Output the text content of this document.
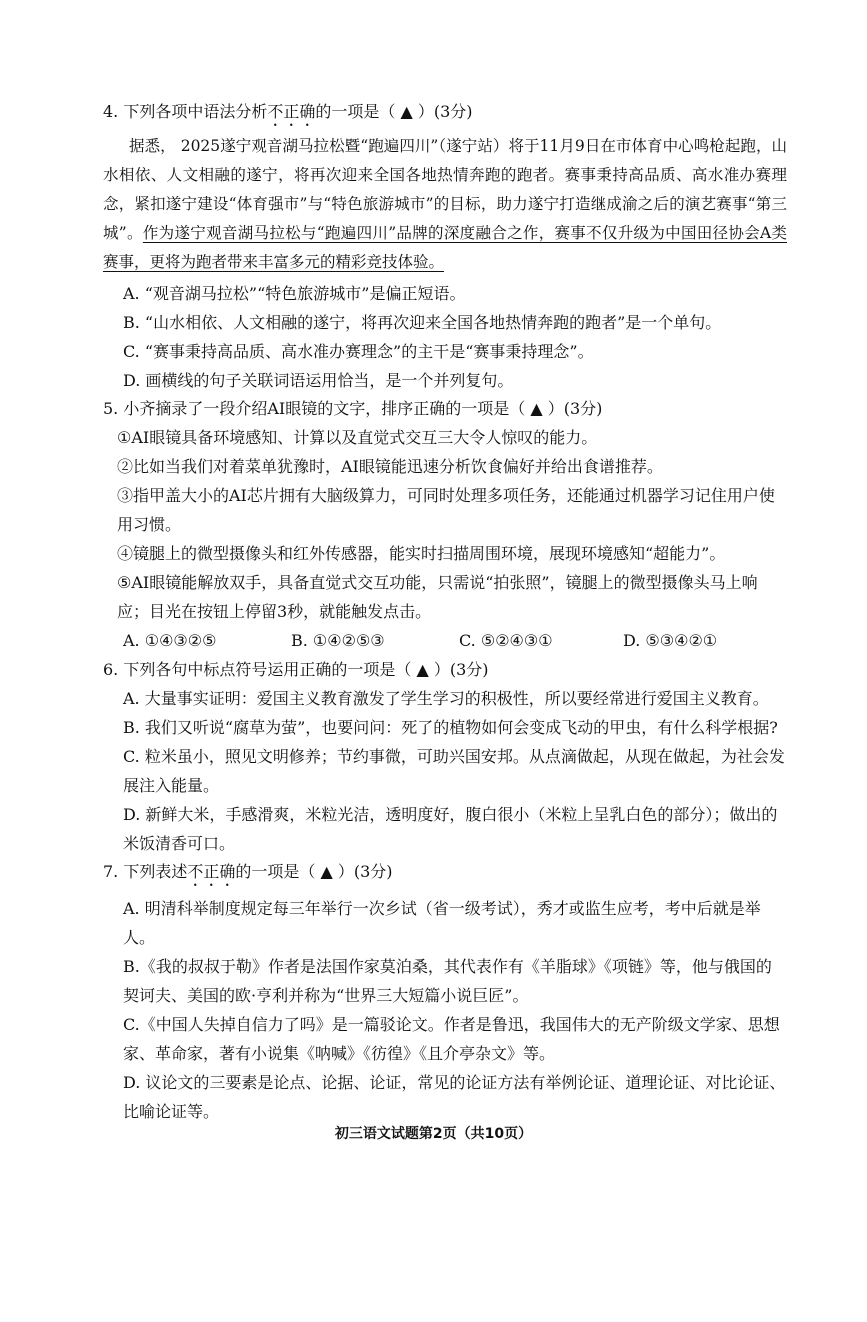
4. 下列各项中语法分析不正确的一项是（ ▲ ）(3分)

据悉， 2025遂宁观音湖马拉松暨“跑遍四川”（遂宁站）将于11月9日在市体育中心鸣枪起跑，山水相依、人文相融的遂宁，将再次迎来全国各地热情奔跑的跑者。赛事秉持高品质、高水准办赛理念，紧扣遂宁建设“体育强市”与“特色旅游城市”的目标，助力遂宁打造继成渝之后的演艺赛事“第三城”。作为遂宁观音湖马拉松与“跑遍四川”品牌的深度融合之作，赛事不仅升级为中国田径协会A类赛事，更将为跑者带来丰富多元的精彩竞技体验。

A. “观音湖马拉松”“特色旅游城市”是偏正短语。

B. “山水相依、人文相融的遂宁，将再次迎来全国各地热情奔跑的跑者”是一个单句。

C. “赛事秉持高品质、高水准办赛理念”的主干是“赛事秉持理念”。

D. 画横线的句子关联词语运用恰当，是一个并列复句。

5. 小齐摘录了一段介绍AI眼镜的文字，排序正确的一项是（ ▲ ）(3分)

①AI眼镜具备环境感知、计算以及直觉式交互三大令人惊叹的能力。

②比如当我们对着菜单犹豫时，AI眼镜能迅速分析饮食偏好并给出食谱推荐。

③指甲盖大小的AI芯片拥有大脑级算力，可同时处理多项任务，还能通过机器学习记住用户使用习惯。

④镜腿上的微型摄像头和红外传感器，能实时扫描周围环境，展现环境感知“超能力”。

⑤AI眼镜能解放双手，具备直觉式交互功能，只需说“拍张照”，镜腿上的微型摄像头马上响应；目光在按钮上停留3秒，就能触发点击。

A. ①④③②⑤	B. ①④②⑤③	C. ⑤②④③①	D. ⑤③④②①

6. 下列各句中标点符号运用正确的一项是（ ▲ ）(3分)

A. 大量事实证明：爱国主义教育激发了学生学习的积极性，所以要经常进行爱国主义教育。

B. 我们又听说“腐草为萤”，也要问问：死了的植物如何会变成飞动的甲虫，有什么科学根据?

C. 粒米虽小，照见文明修养；节约事微，可助兴国安邦。从点滴做起，从现在做起，为社会发展注入能量。

D. 新鲜大米，手感滑爽，米粒光洁，透明度好，腹白很小（米粒上呈乳白色的部分）；做出的米饭清香可口。

7. 下列表述不正确的一项是（ ▲ ）(3分)

A. 明清科举制度规定每三年举行一次乡试（省一级考试），秀才或监生应考，考中后就是举人。

B.《我的叔叔于勒》作者是法国作家莫泊桑，其代表作有《羊脂球》《项链》等，他与俄国的契诃夫、美国的欧·亨利并称为“世界三大短篇小说巨匠”。

C.《中国人失掉自信力了吗》是一篇驳论文。作者是鲁迅，我国伟大的无产阶级文学家、思想家、革命家，著有小说集《呐喊》《彷徨》《且介亭杂文》等。

D. 议论文的三要素是论点、论据、论证，常见的论证方法有举例论证、道理论证、对比论证、比喻论证等。

初三语文试题第2页（共10页）
